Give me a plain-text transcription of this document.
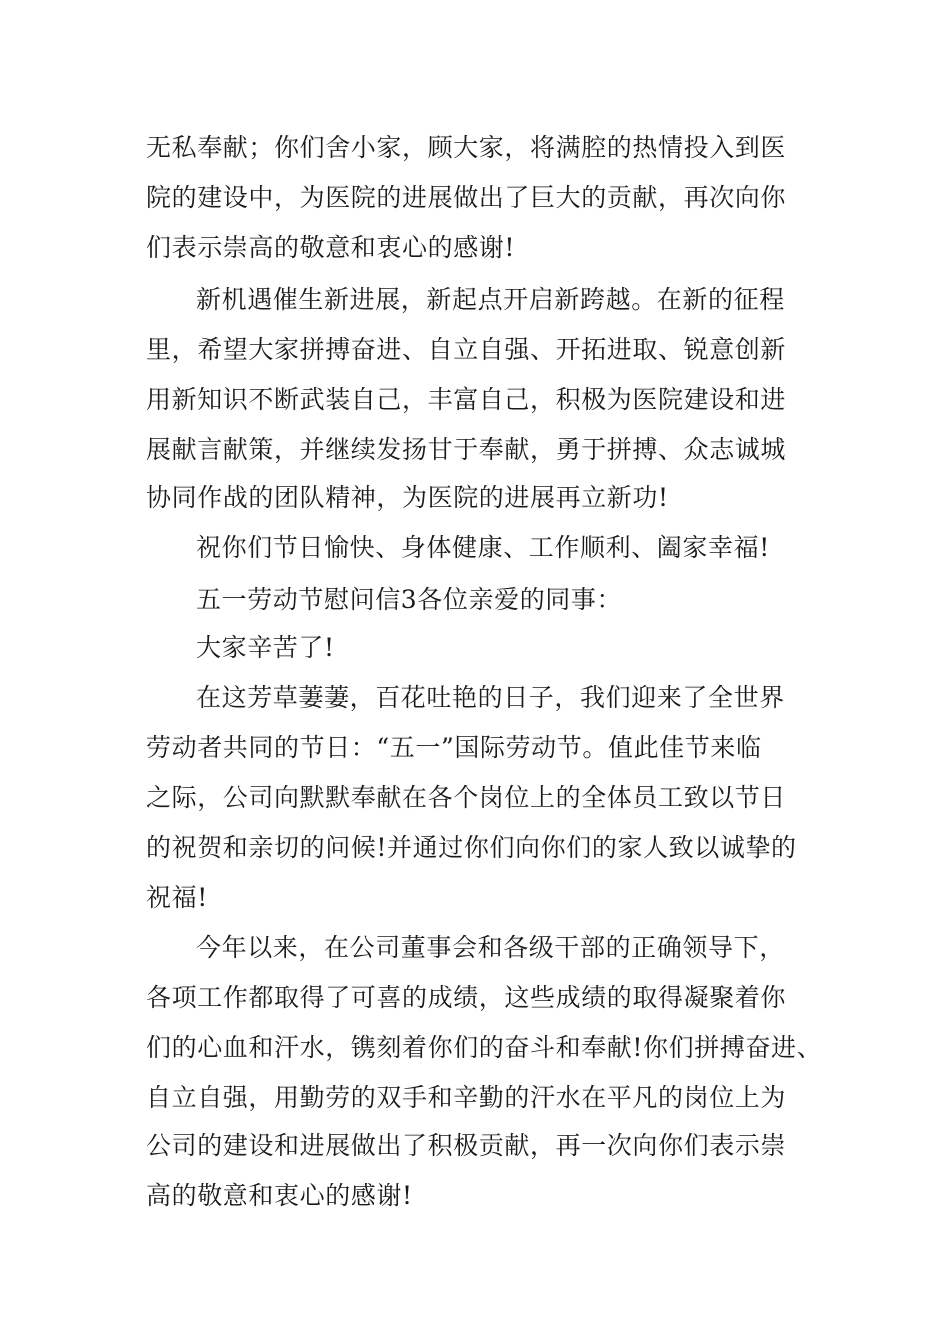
无私奉献；你们舍小家，顾大家，将满腔的热情投入到医
院的建设中，为医院的进展做出了巨大的贡献，再次向你
们表示崇高的敬意和衷心的感谢!
新机遇催生新进展，新起点开启新跨越。在新的征程
里，希望大家拼搏奋进、自立自强、开拓进取、锐意创新
用新知识不断武装自己，丰富自己，积极为医院建设和进
展献言献策，并继续发扬甘于奉献，勇于拼搏、众志诚城
协同作战的团队精神，为医院的进展再立新功!
祝你们节日愉快、身体健康、工作顺利、阖家幸福!
五一劳动节慰问信3各位亲爱的同事：
大家辛苦了!
在这芳草萋萋，百花吐艳的日子，我们迎来了全世界
劳动者共同的节日：“五一”国际劳动节。值此佳节来临
之际，公司向默默奉献在各个岗位上的全体员工致以节日
的祝贺和亲切的问候!并通过你们向你们的家人致以诚挚的
祝福!
今年以来，在公司董事会和各级干部的正确领导下，
各项工作都取得了可喜的成绩，这些成绩的取得凝聚着你
们的心血和汗水，镌刻着你们的奋斗和奉献!你们拼搏奋进、
自立自强，用勤劳的双手和辛勤的汗水在平凡的岗位上为
公司的建设和进展做出了积极贡献，再一次向你们表示崇
高的敬意和衷心的感谢!
